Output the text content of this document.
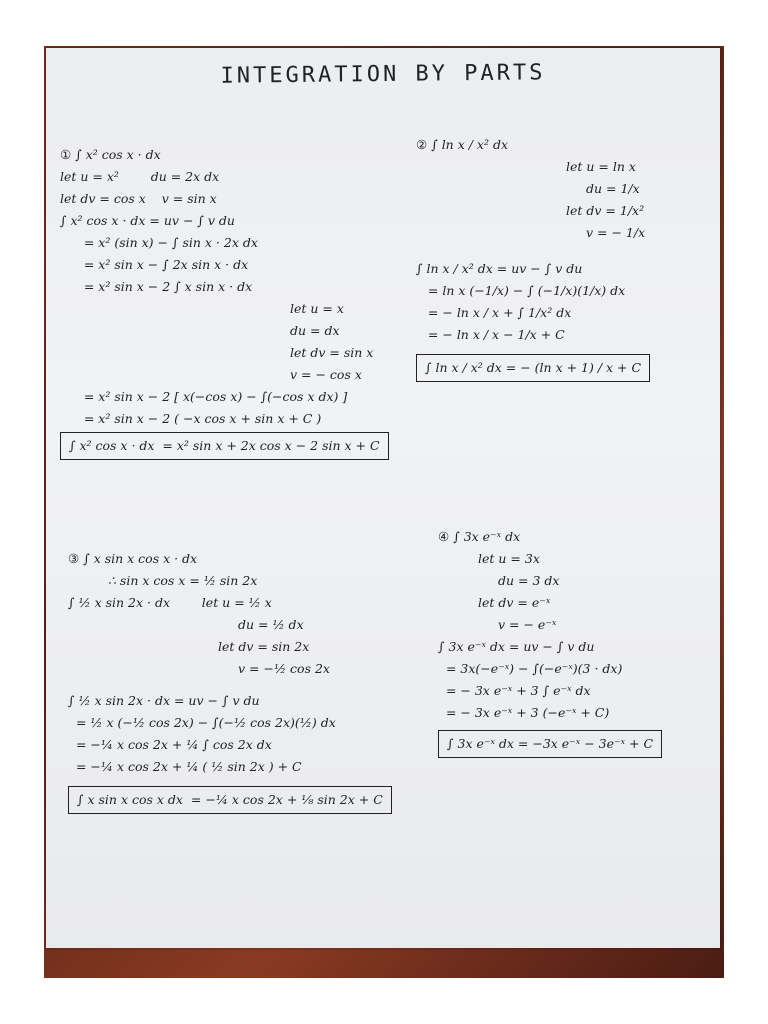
INTEGRATION BY PARTS
① ∫ x² cos x · dx
let u = x²        du = 2x dx
let dv = cos x    v = sin x
∫ x² cos x · dx = uv − ∫ v du
= x² (sin x) − ∫ sin x · 2x dx
= x² sin x − ∫ 2x sin x · dx
= x² sin x − 2 ∫ x sin x · dx
let u = x
du = dx
let dv = sin x
v = − cos x
= x² sin x − 2 [ x(−cos x) − ∫(−cos x dx) ]
= x² sin x − 2 ( −x cos x + sin x + C )
∫ x² cos x · dx  = x² sin x + 2x cos x − 2 sin x + C
② ∫ ln x / x² dx
let u = ln x
du = 1/x
let dv = 1/x²
v = − 1/x
∫ ln x / x² dx = uv − ∫ v du
= ln x (−1/x) − ∫ (−1/x)(1/x) dx
= − ln x / x + ∫ 1/x² dx
= − ln x / x − 1/x + C
∫ ln x / x² dx = − (ln x + 1) / x + C
③ ∫ x sin x cos x · dx
∴ sin x cos x = ½ sin 2x
∫ ½ x sin 2x · dx        let u = ½ x
du = ½ dx
let dv = sin 2x
v = −½ cos 2x
∫ ½ x sin 2x · dx = uv − ∫ v du
= ½ x (−½ cos 2x) − ∫(−½ cos 2x)(½) dx
= −¼ x cos 2x + ¼ ∫ cos 2x dx
= −¼ x cos 2x + ¼ ( ½ sin 2x ) + C
∫ x sin x cos x dx  = −¼ x cos 2x + ⅛ sin 2x + C
④ ∫ 3x e⁻ˣ dx
let u = 3x
du = 3 dx
let dv = e⁻ˣ
v = − e⁻ˣ
∫ 3x e⁻ˣ dx = uv − ∫ v du
= 3x(−e⁻ˣ) − ∫(−e⁻ˣ)(3 · dx)
= − 3x e⁻ˣ + 3 ∫ e⁻ˣ dx
= − 3x e⁻ˣ + 3 (−e⁻ˣ + C)
∫ 3x e⁻ˣ dx = −3x e⁻ˣ − 3e⁻ˣ + C
